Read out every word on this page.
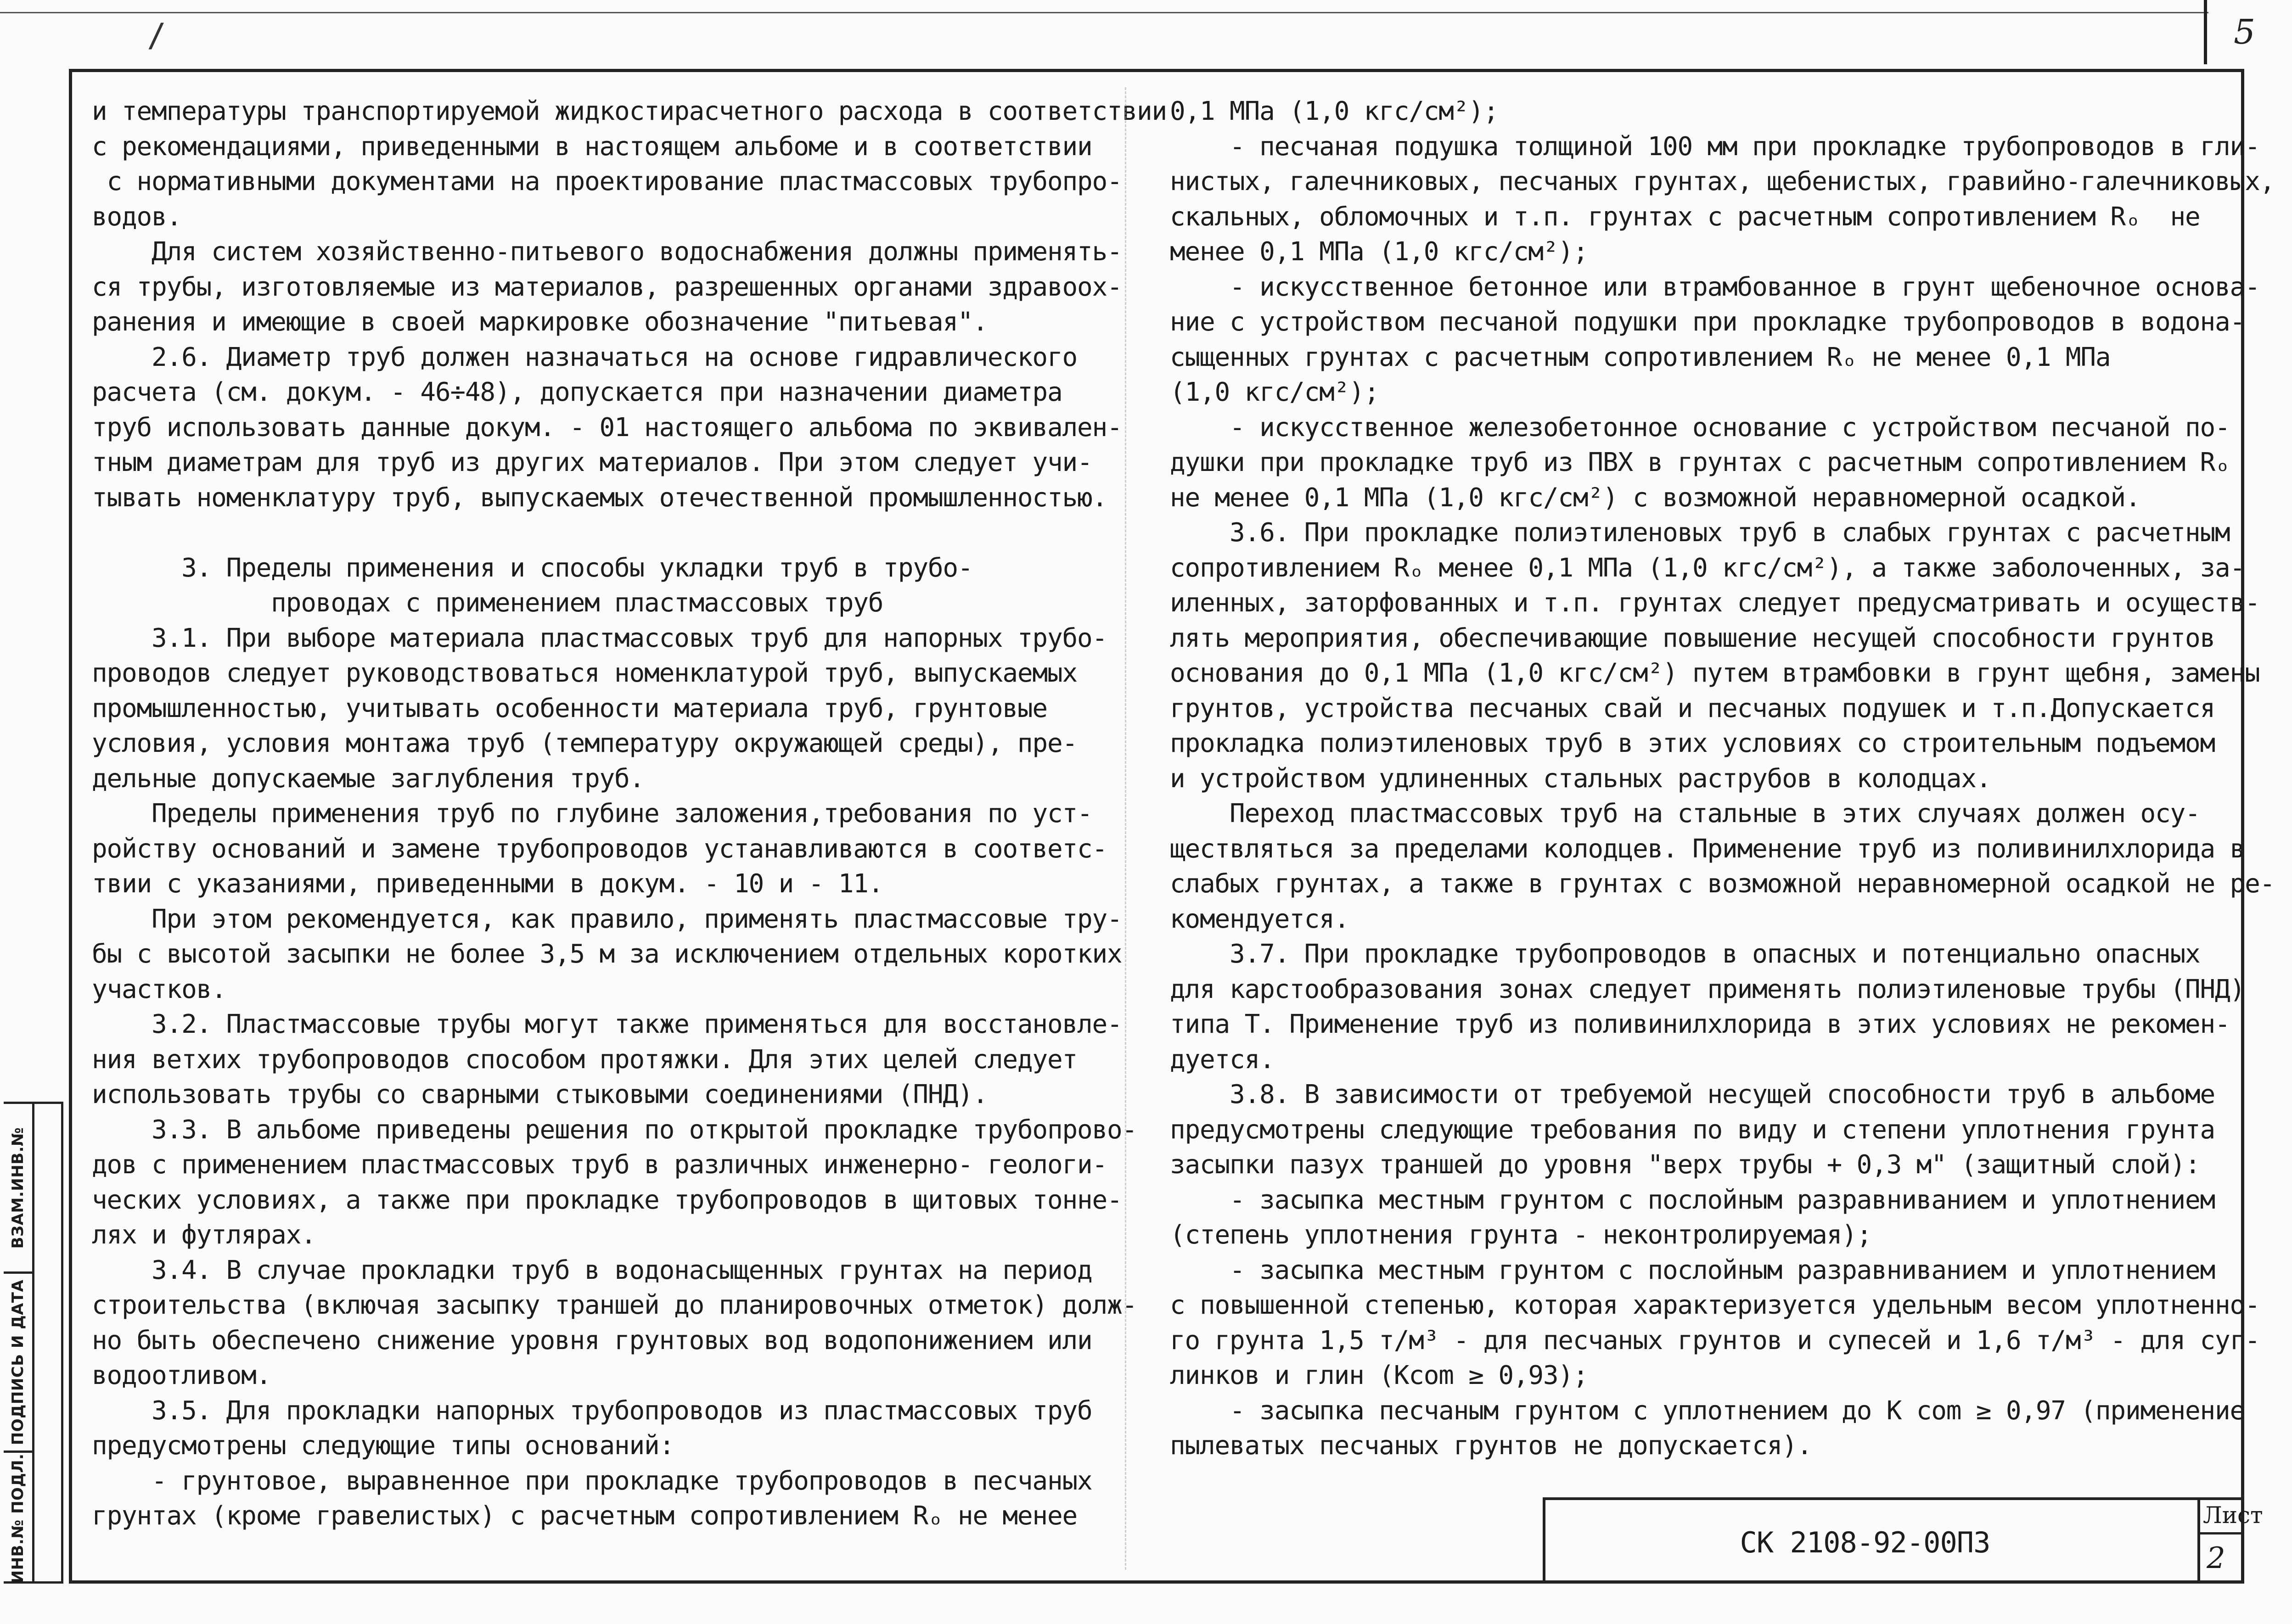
/	5
и температуры транспортируемой жидкостирасчетного расхода в соответствии
с рекомендациями, приведенными в настоящем альбоме и в соответствии
с нормативными документами на проектирование пластмассовых трубопро-
водов.
Для систем хозяйственно-питьевого водоснабжения должны применять-
ся трубы, изготовляемые из материалов, разрешенных органами здравоох-
ранения и имеющие в своей маркировке обозначение "питьевая".
2.6. Диаметр труб должен назначаться на основе гидравлического
расчета (см. докум. - 46÷48), допускается при назначении диаметра
труб использовать данные докум. - 01 настоящего альбома по эквивален-
тным диаметрам для труб из других материалов. При этом следует учи-
тывать номенклатуру труб, выпускаемых отечественной промышленностью.
3. Пределы применения и способы укладки труб в трубо-
проводах с применением пластмассовых труб
3.1. При выборе материала пластмассовых труб для напорных трубо-
проводов следует руководствоваться номенклатурой труб, выпускаемых
промышленностью, учитывать особенности материала труб, грунтовые
условия, условия монтажа труб (температуру окружающей среды), пре-
дельные допускаемые заглубления труб.
Пределы применения труб по глубине заложения,требования по уст-
ройству оснований и замене трубопроводов устанавливаются в соответс-
твии с указаниями, приведенными в докум. - 10 и - 11.
При этом рекомендуется, как правило, применять пластмассовые тру-
бы с высотой засыпки не более 3,5 м за исключением отдельных коротких
участков.
3.2. Пластмассовые трубы могут также применяться для восстановле-
ния ветхих трубопроводов способом протяжки. Для этих целей следует
использовать трубы со сварными стыковыми соединениями (ПНД).
3.3. В альбоме приведены решения по открытой прокладке трубопрово-
дов с применением пластмассовых труб в различных инженерно- геологи-
ческих условиях, а также при прокладке трубопроводов в щитовых тонне-
лях и футлярах.
3.4. В случае прокладки труб в водонасыщенных грунтах на период
строительства (включая засыпку траншей до планировочных отметок) долж-
но быть обеспечено снижение уровня грунтовых вод водопонижением или
водоотливом.
3.5. Для прокладки напорных трубопроводов из пластмассовых труб
предусмотрены следующие типы оснований:
- грунтовое, выравненное при прокладке трубопроводов в песчаных
грунтах (кроме гравелистых) с расчетным сопротивлением Rₒ не менее
0,1 МПа (1,0 кгс/см²);
- песчаная подушка толщиной 100 мм при прокладке трубопроводов в гли-
нистых, галечниковых, песчаных грунтах, щебенистых, гравийно-галечниковых,
скальных, обломочных и т.п. грунтах с расчетным сопротивлением Rₒ  не
менее 0,1 МПа (1,0 кгс/см²);
- искусственное бетонное или втрамбованное в грунт щебеночное основа-
ние с устройством песчаной подушки при прокладке трубопроводов в водона-
сыщенных грунтах с расчетным сопротивлением Rₒ не менее 0,1 МПа
(1,0 кгс/см²);
- искусственное железобетонное основание с устройством песчаной по-
душки при прокладке труб из ПВХ в грунтах с расчетным сопротивлением Rₒ
не менее 0,1 МПа (1,0 кгс/см²) с возможной неравномерной осадкой.
3.6. При прокладке полиэтиленовых труб в слабых грунтах с расчетным
сопротивлением Rₒ менее 0,1 МПа (1,0 кгс/см²), а также заболоченных, за-
иленных, заторфованных и т.п. грунтах следует предусматривать и осуществ-
лять мероприятия, обеспечивающие повышение несущей способности грунтов
основания до 0,1 МПа (1,0 кгс/см²) путем втрамбовки в грунт щебня, замены
грунтов, устройства песчаных свай и песчаных подушек и т.п.Допускается
прокладка полиэтиленовых труб в этих условиях со строительным подъемом
и устройством удлиненных стальных раструбов в колодцах.
Переход пластмассовых труб на стальные в этих случаях должен осу-
ществляться за пределами колодцев. Применение труб из поливинилхлорида в
слабых грунтах, а также в грунтах с возможной неравномерной осадкой не ре-
комендуется.
3.7. При прокладке трубопроводов в опасных и потенциально опасных
для карстообразования зонах следует применять полиэтиленовые трубы (ПНД)
типа Т. Применение труб из поливинилхлорида в этих условиях не рекомен-
дуется.
3.8. В зависимости от требуемой несущей способности труб в альбоме
предусмотрены следующие требования по виду и степени уплотнения грунта
засыпки пазух траншей до уровня "верх трубы + 0,3 м" (защитный слой):
- засыпка местным грунтом с послойным разравниванием и уплотнением
(степень уплотнения грунта - неконтролируемая);
- засыпка местным грунтом с послойным разравниванием и уплотнением
с повышенной степенью, которая характеризуется удельным весом уплотненно-
го грунта 1,5 т/м³ - для песчаных грунтов и супесей и 1,6 т/м³ - для суг-
линков и глин (Kcom ≥ 0,93);
- засыпка песчаным грунтом с уплотнением до K com ≥ 0,97 (применение
пылеватых песчаных грунтов не допускается).
СК 2108-92-00ПЗ
Лист
2
ВЗАМ.ИНВ.№
ПОДПИСЬ И ДАТА
ИНВ.№ ПОДЛ.
